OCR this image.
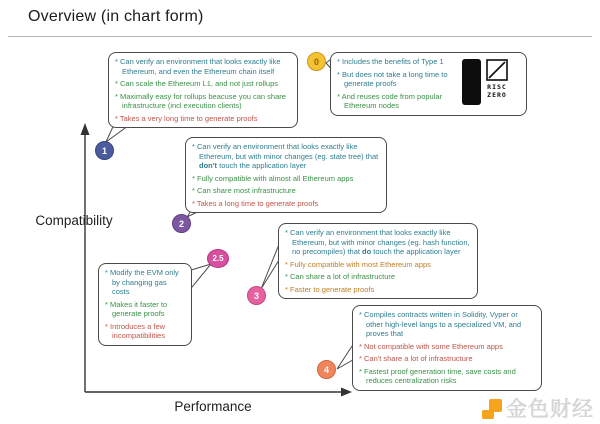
Overview (in chart form)
Compatibility
Performance
* Can verify an environment that looks exactly like Ethereum, and even the Ethereum chain itself
* Can scale the Ethereum L1, and not just rollups
* Maximally easy for rollups beacuse you can share infrastructure (incl execution clients)
* Takes a very long time to generate proofs
* Includes the benefits of Type 1
* But does not take a long time to generate proofs
* And reuses code from popular Ethereum nodes
RISC
ZERO
* Can verify an environment that looks exactly like Ethereum, but with minor changes (eg. state tree) that don't touch the application layer
* Fully compatible with almost all Ethereum apps
* Can share most infrastructure
* Takes a long time to generate proofs
* Modify the EVM only by changing gas costs
* Makes it faster to generate proofs
* Introduces a few incompatibilities
* Can verify an environment that looks exactly like Ethereum, but with minor changes (eg. hash function, no precompiles) that do touch the application layer
* Fully compatible with most Ethereum apps
* Can share a lot of infrastructure
* Faster to generate proofs
* Compiles contracts written in Solidity, Vyper or other high-level langs to a specialized VM, and proves that
* Not compatible with some Ethereum apps
* Can't share a lot of infrastructure
* Fastest proof generation time, save costs and reduces centralization risks
0
1
2
2.5
3
4
金色财经
